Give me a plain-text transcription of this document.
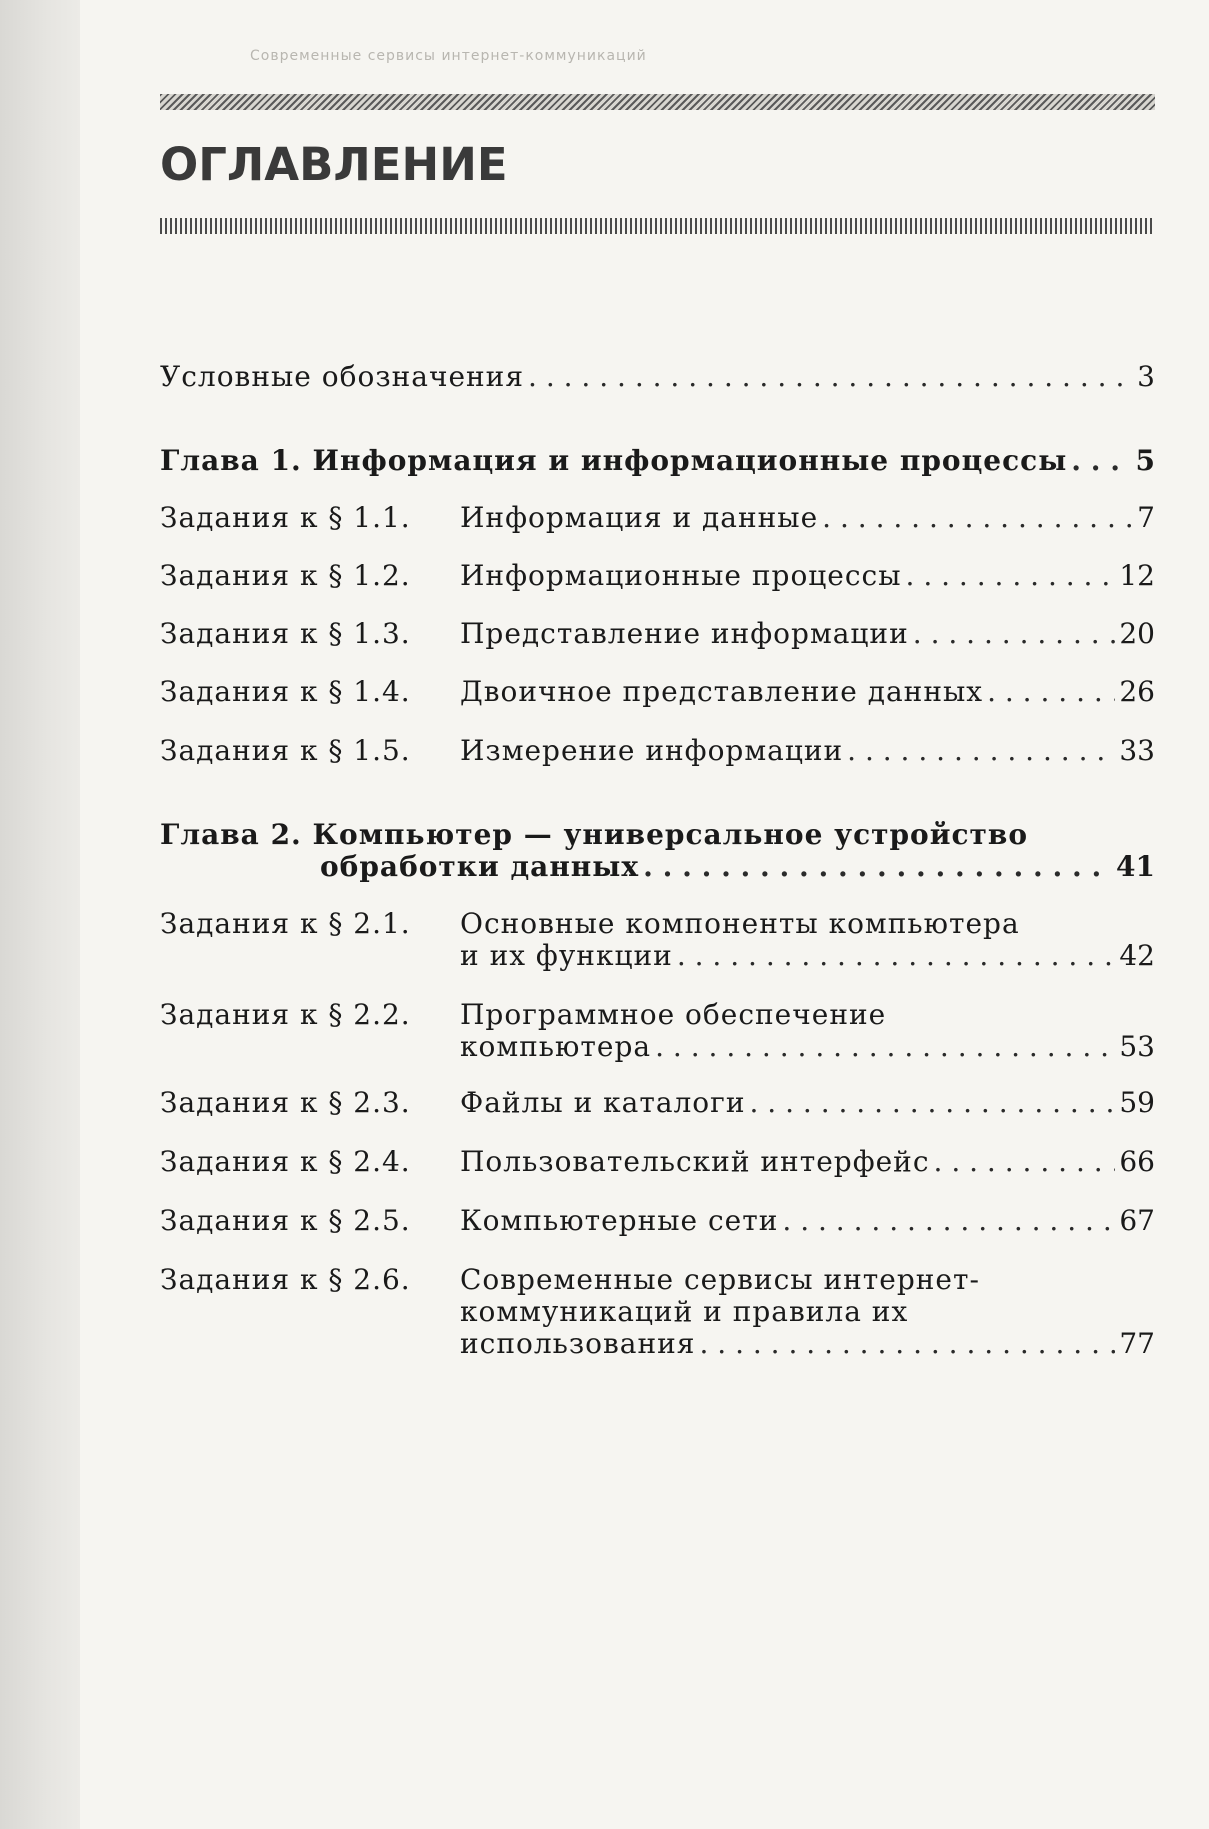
Современные сервисы интернет-коммуникаций
ОГЛАВЛЕНИЕ
Условные обозначения . . .	3
Глава 1. Информация и информационные процессы . . . 5
Задания к § 1.1.	Информация и данные . . .	7
Задания к § 1.2.	Информационные процессы . . .	12
Задания к § 1.3.	Представление информации . . .	20
Задания к § 1.4.	Двоичное представление данных . . .	26
Задания к § 1.5.	Измерение информации . . .	33
Глава 2. Компьютер — универсальное устройство
обработки данных . . .	41
Задания к § 2.1.	Основные компоненты компьютера
и их функции . . .	42
Задания к § 2.2.	Программное обеспечение
компьютера . . .	53
Задания к § 2.3.	Файлы и каталоги . . .	59
Задания к § 2.4.	Пользовательский интерфейс . . .	66
Задания к § 2.5.	Компьютерные сети . . .	67
Задания к § 2.6.	Современные сервисы интернет-
коммуникаций и правила их
использования . . .	77
